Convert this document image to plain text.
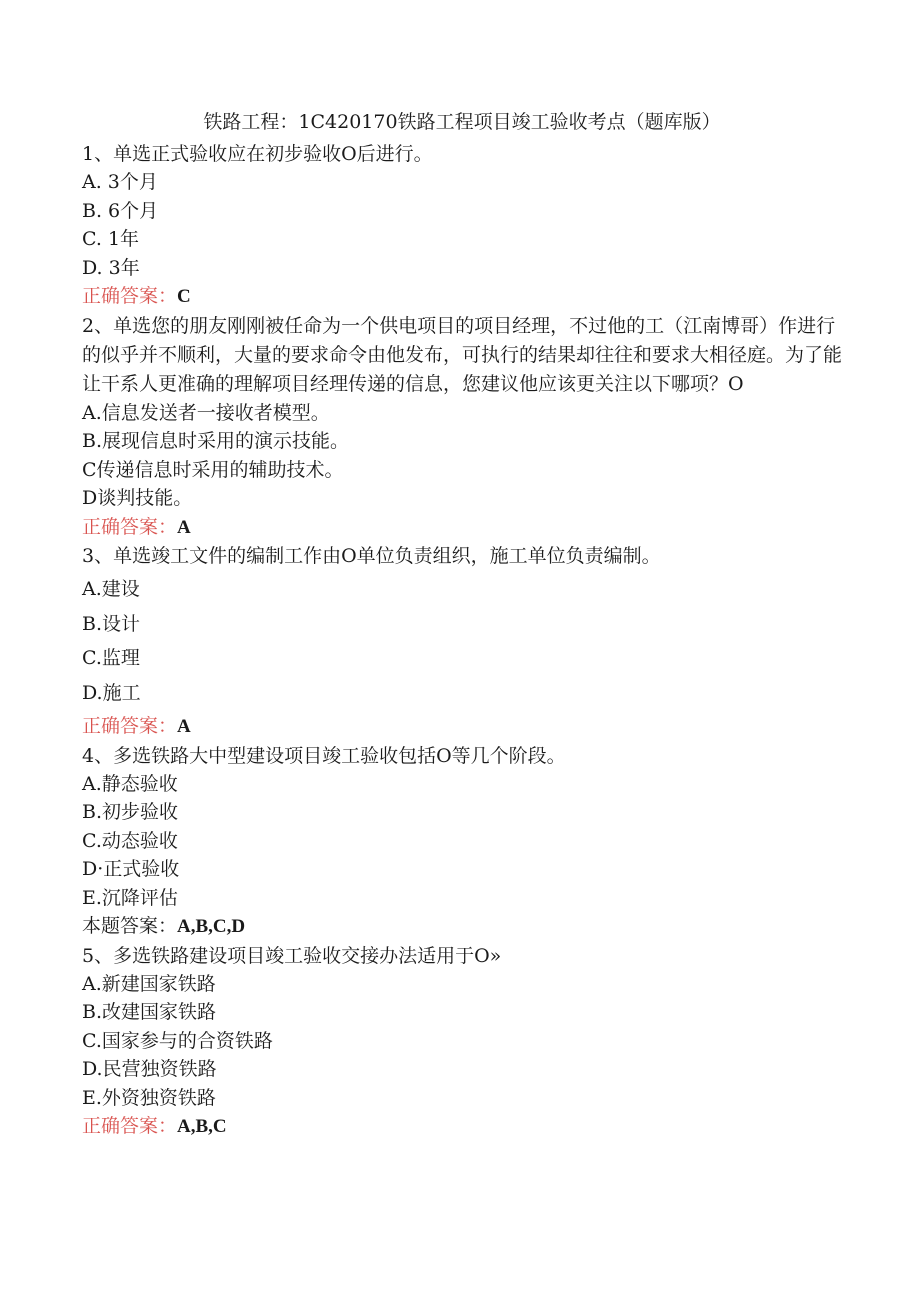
铁路工程：1C420170铁路工程项目竣工验收考点（题库版）
1、单选正式验收应在初步验收O后进行。
A. 3个月
B. 6个月
C. 1年
D. 3年
正确答案：C
2、单选您的朋友刚刚被任命为一个供电项目的项目经理，不过他的工（江南博哥）作进行的似乎并不顺利，大量的要求命令由他发布，可执行的结果却往往和要求大相径庭。为了能让干系人更准确的理解项目经理传递的信息，您建议他应该更关注以下哪项？O
A.信息发送者一接收者模型。
B.展现信息时采用的演示技能。
C传递信息时采用的辅助技术。
D谈判技能。
正确答案：A
3、单选竣工文件的编制工作由O单位负责组织，施工单位负责编制。
A.建设
B.设计
C.监理
D.施工
正确答案：A
4、多选铁路大中型建设项目竣工验收包括O等几个阶段。
A.静态验收
B.初步验收
C.动态验收
D·正式验收
E.沉降评估
本题答案：A,B,C,D
5、多选铁路建设项目竣工验收交接办法适用于O»
A.新建国家铁路
B.改建国家铁路
C.国家参与的合资铁路
D.民营独资铁路
E.外资独资铁路
正确答案：A,B,C
